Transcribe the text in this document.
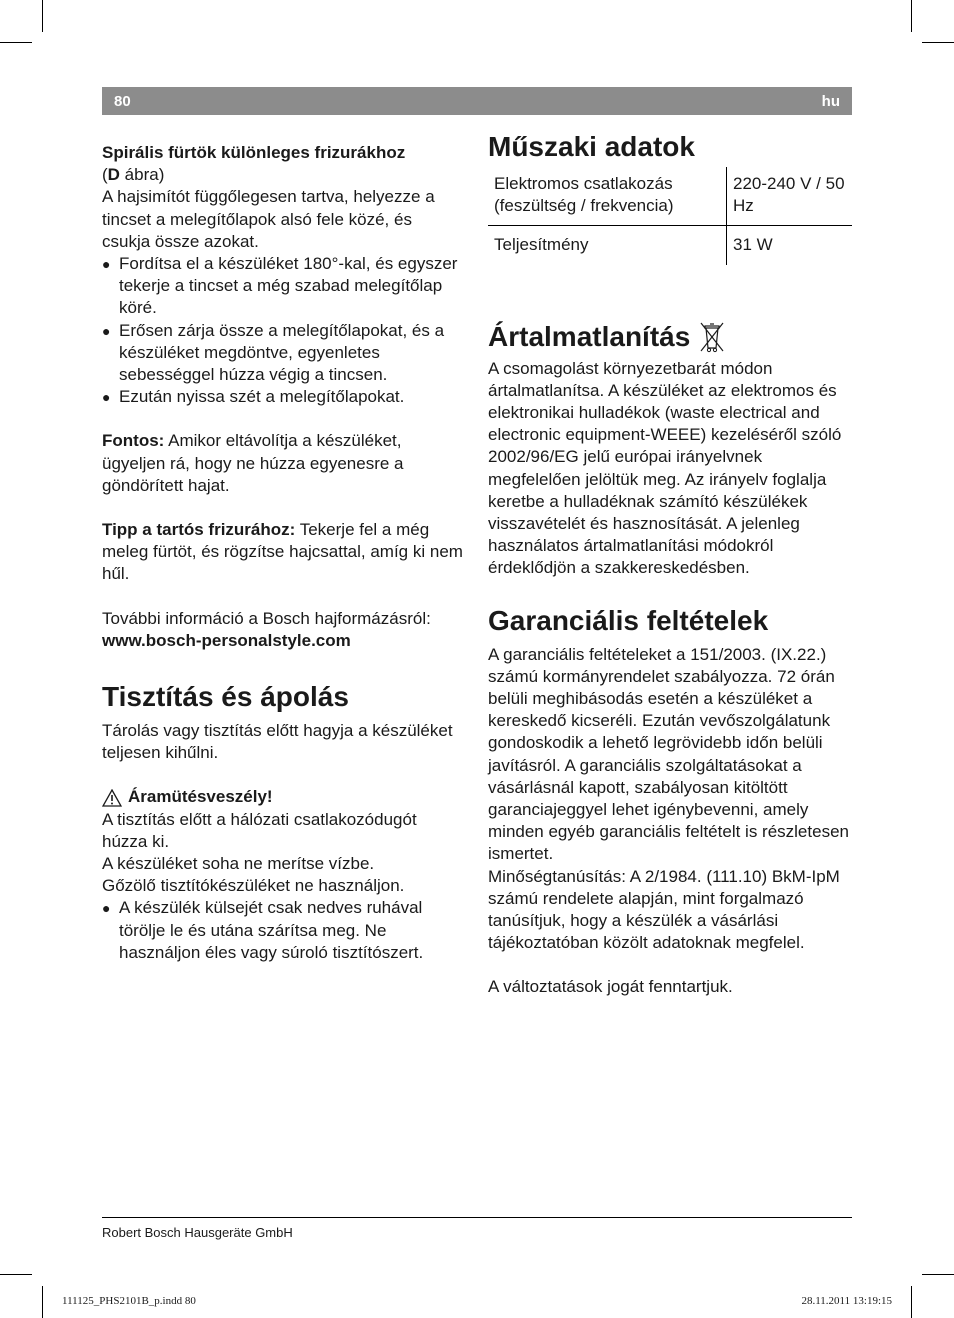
80	hu

Spirális fürtök különleges frizurákhoz

(D ábra)

A hajsimítót függőlegesen tartva, helyezze a tincset a melegítőlapok alsó fele közé, és csukja össze azokat.

● Fordítsa el a készüléket 180°-kal, és egyszer tekerje a tincset a még szabad melegítőlap köré.
● Erősen zárja össze a melegítőlapokat, és a készüléket megdöntve, egyenletes sebességgel húzza végig a tincsen.
● Ezután nyissa szét a melegítőlapokat.

Fontos: Amikor eltávolítja a készüléket, ügyeljen rá, hogy ne húzza egyenesre a göndörített hajat.

Tipp a tartós frizurához: Tekerje fel a még meleg fürtöt, és rögzítse hajcsattal, amíg ki nem hűl.

További információ a Bosch hajformázásról:

www.bosch-personalstyle.com

Tisztítás és ápolás

Tárolás vagy tisztítás előtt hagyja a készüléket teljesen kihűlni.

Áramütésveszély!

A tisztítás előtt a hálózati csatlakozódugót húzza ki.

A készüléket soha ne merítse vízbe.

Gőzölő tisztítókészüléket ne használjon.

● A készülék külsejét csak nedves ruhával törölje le és utána szárítsa meg. Ne használjon éles vagy súroló tisztítószert.
Műszaki adatok
Elektromos csatlakozás (feszültség / frekvencia)	220-240 V / 50 Hz
Teljesítmény	31 W
Ártalmatlanítás

A csomagolást környezetbarát módon ártalmatlanítsa. A készüléket az elektromos és elektronikai hulladékok (waste electrical and electronic equipment-WEEE) kezeléséről szóló 2002/96/EG jelű európai irányelvnek megfelelően jelöltük meg. Az irányelv foglalja keretbe a hulladéknak számító készülékek visszavételét és hasznosítását. A jelenleg használatos ártalmatlanítási módokról érdeklődjön a szakkereskedésben.

Garanciális feltételek

A garanciális feltételeket a 151/2003. (IX.22.) számú kormányrendelet szabályozza. 72 órán belüli meghibásodás esetén a készüléket a kereskedő kicseréli. Ezután vevőszolgálatunk gondoskodik a lehető legrövidebb időn belüli javításról. A garanciális szolgáltatásokat a vásárlásnál kapott, szabályosan kitöltött garanciajeggyel lehet igénybevenni, amely minden egyéb garanciális feltételt is részletesen ismertet.

Minőségtanúsítás: A 2/1984. (111.10) BkM-IpM számú rendelete alapján, mint forgalmazó tanúsítjuk, hogy a készülék a vásárlási tájékoztatóban közölt adatoknak megfelel.

A változtatások jogát fenntartjuk.

Robert Bosch Hausgeräte GmbH
111125_PHS2101B_p.indd 80	28.11.2011 13:19:15
